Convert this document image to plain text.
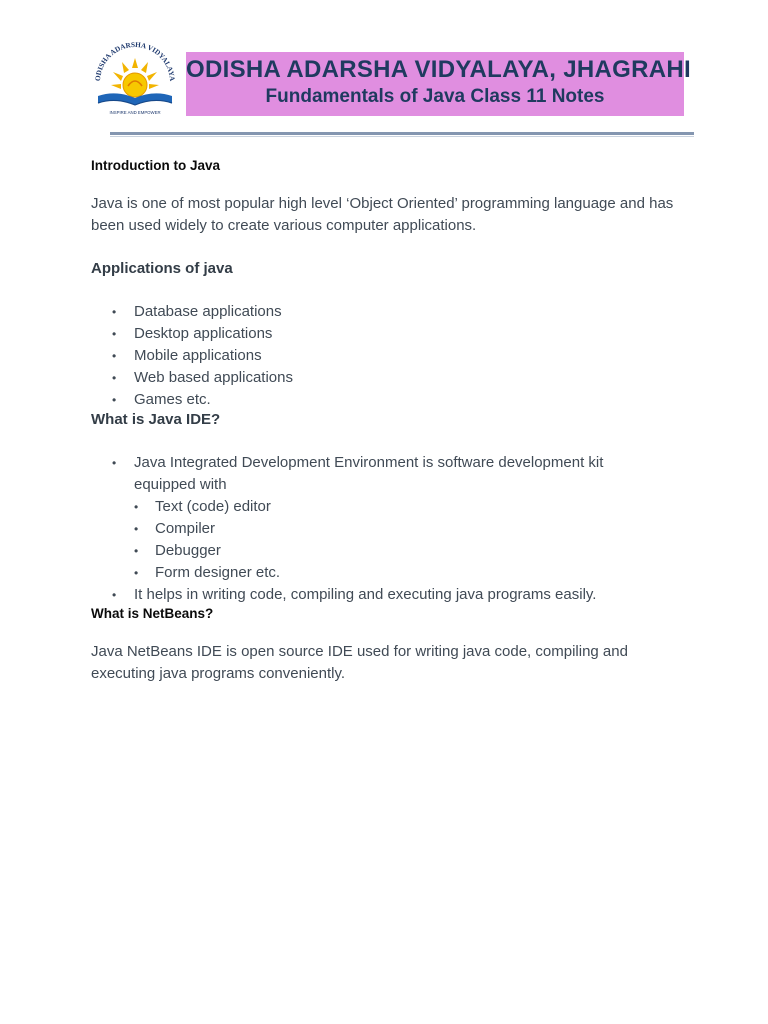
ODISHA ADARSHA VIDYALAYA
INSPIRE AND EMPOWER
ODISHA ADARSHA VIDYALAYA, JHAGRAHI
Fundamentals of Java Class 11 Notes
Introduction to Java

Java is one of most popular high level ‘Object Oriented’ programming language and has been used widely to create various computer applications.

Applications of java
• Database applications
• Desktop applications
• Mobile applications
• Web based applications
• Games etc.
What is Java IDE?
• Java Integrated Development Environment is software development kit equipped with
• Text (code) editor
• Compiler
• Debugger
• Form designer etc.
• It helps in writing code, compiling and executing java programs easily.
What is NetBeans?

Java NetBeans IDE is open source IDE used for writing java code, compiling and executing java programs conveniently.
